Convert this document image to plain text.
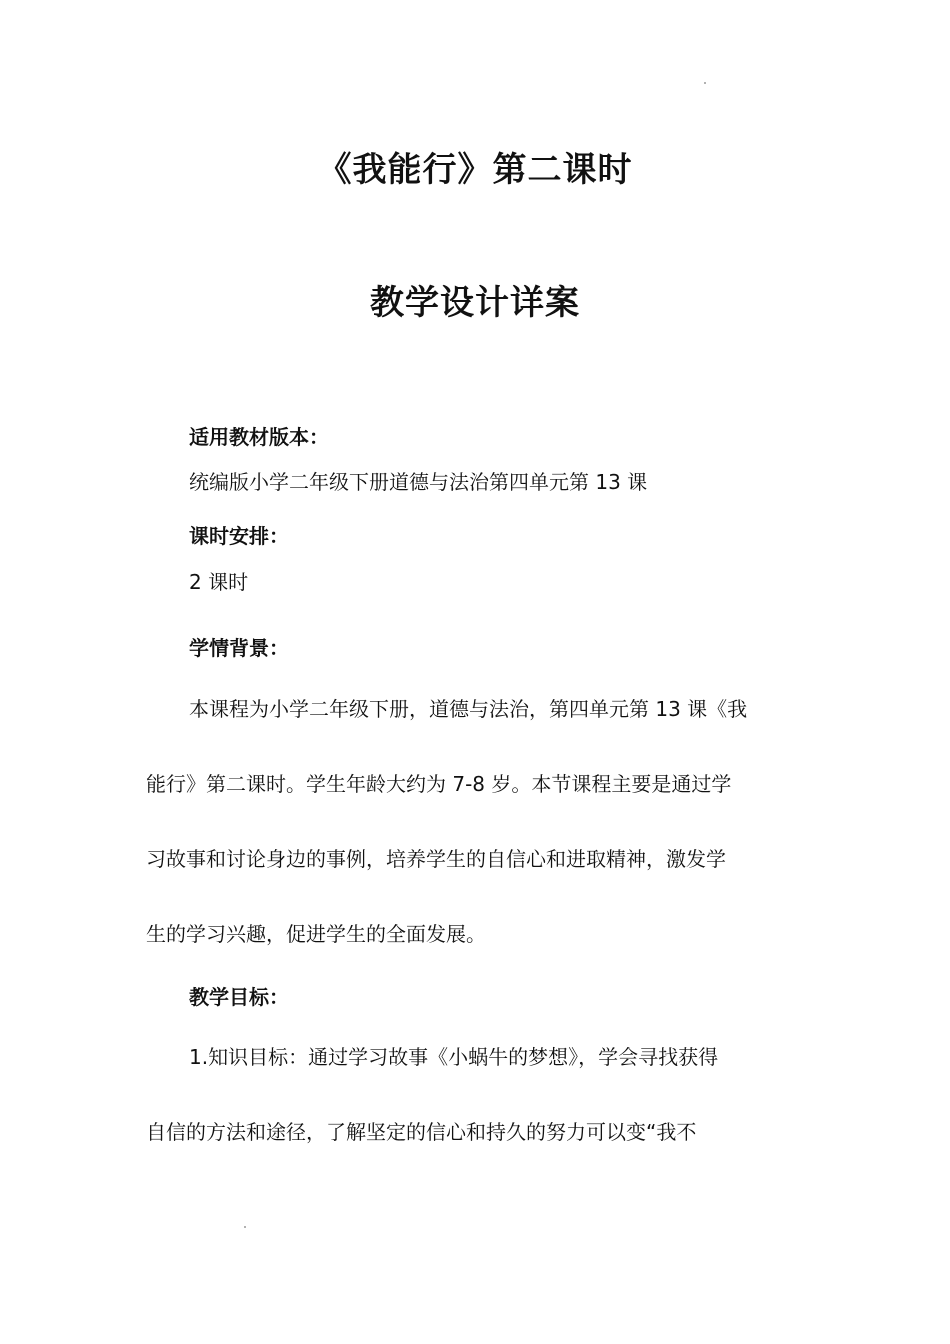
《我能行》第二课时
教学设计详案
适用教材版本：
统编版小学二年级下册道德与法治第四单元第 13 课
课时安排：
2 课时
学情背景：
本课程为小学二年级下册，道德与法治，第四单元第 13 课《我
能行》第二课时。学生年龄大约为 7-8 岁。本节课程主要是通过学
习故事和讨论身边的事例，培养学生的自信心和进取精神，激发学
生的学习兴趣，促进学生的全面发展。
教学目标：
1.知识目标：通过学习故事《小蜗牛的梦想》，学会寻找获得
自信的方法和途径，了解坚定的信心和持久的努力可以变“我不
